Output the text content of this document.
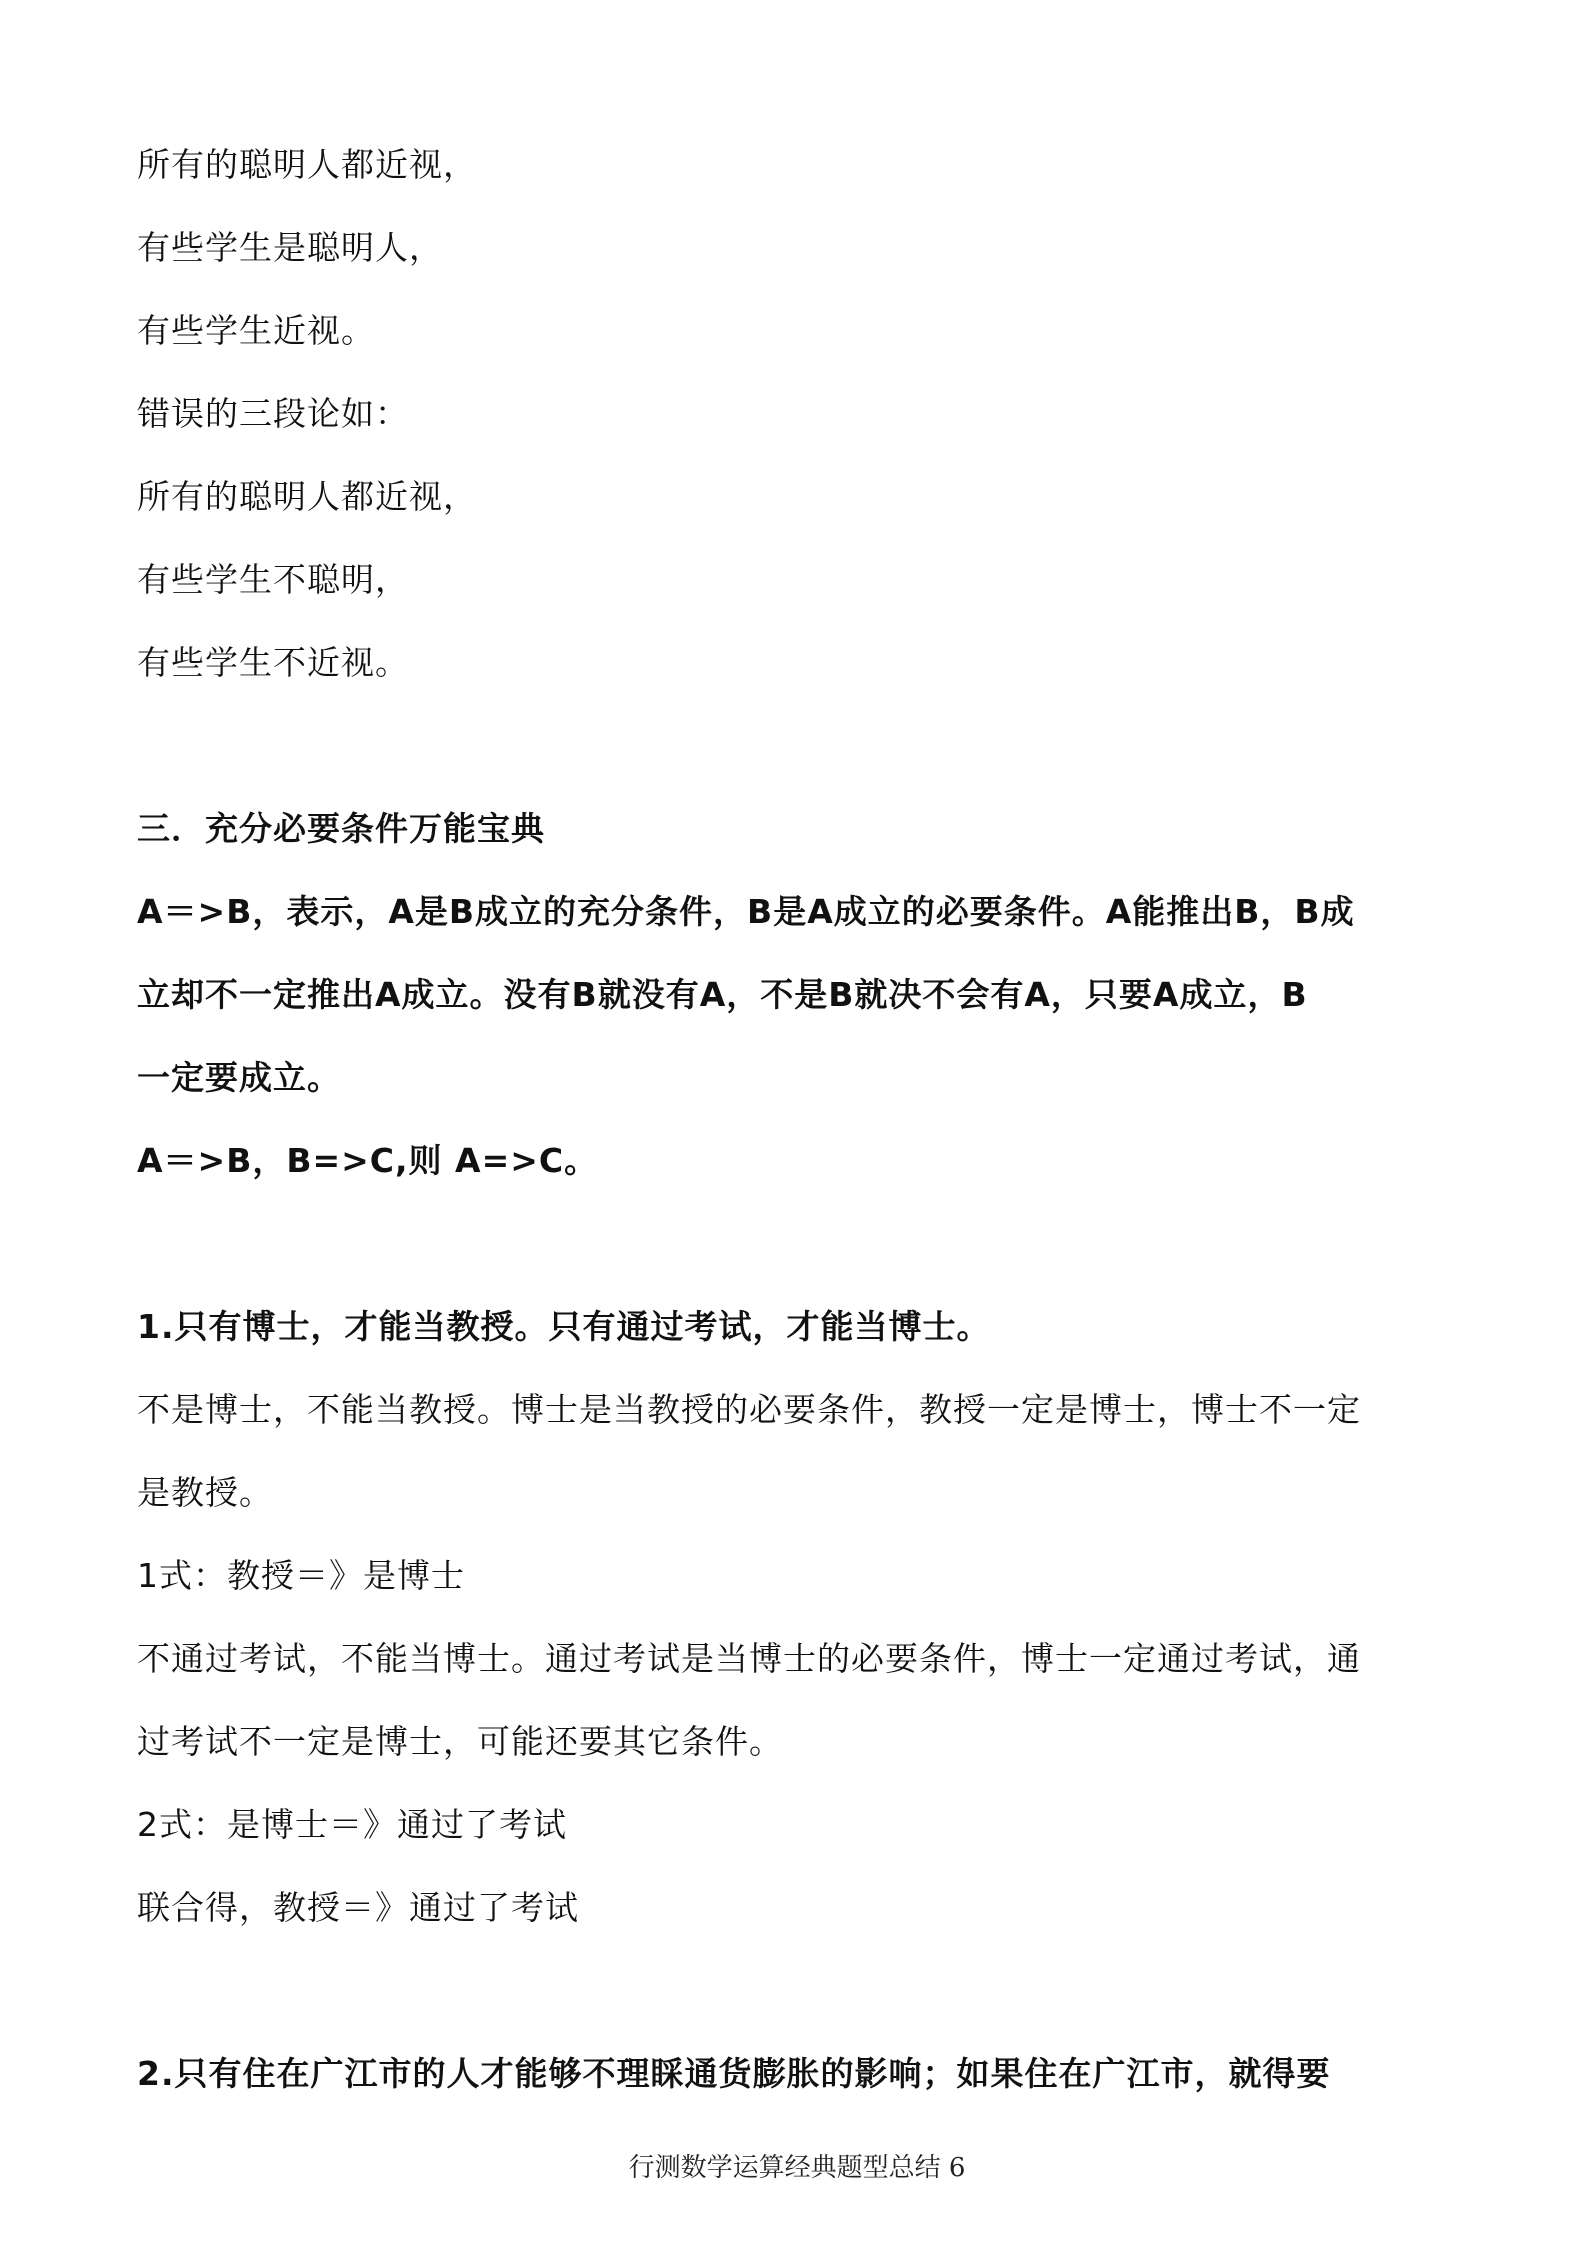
所有的聪明人都近视，
有些学生是聪明人，
有些学生近视。
错误的三段论如：
所有的聪明人都近视，
有些学生不聪明，
有些学生不近视。
三．充分必要条件万能宝典
A＝>B，表示，A是B成立的充分条件，B是A成立的必要条件。A能推出B，B成
立却不一定推出A成立。没有B就没有A，不是B就决不会有A，只要A成立，B
一定要成立。
A＝>B，B=>C,则 A=>C。
1.只有博士，才能当教授。只有通过考试，才能当博士。
不是博士，不能当教授。博士是当教授的必要条件，教授一定是博士，博士不一定
是教授。
1式：教授＝》是博士
不通过考试，不能当博士。通过考试是当博士的必要条件，博士一定通过考试，通
过考试不一定是博士，可能还要其它条件。
2式：是博士＝》通过了考试
联合得，教授＝》通过了考试
2.只有住在广江市的人才能够不理睬通货膨胀的影响；如果住在广江市，就得要
行测数学运算经典题型总结 6
